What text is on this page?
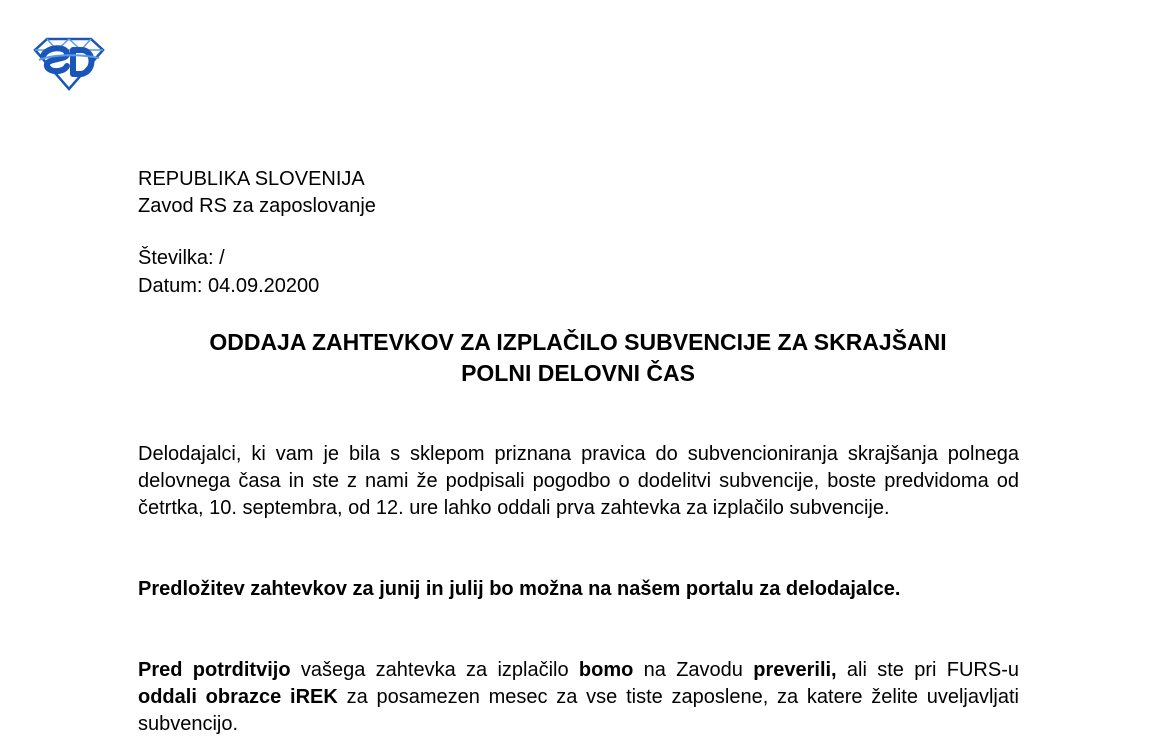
REPUBLIKA SLOVENIJA
Zavod RS za zaposlovanje
Številka: /
Datum: 04.09.20200
ODDAJA ZAHTEVKOV ZA IZPLAČILO SUBVENCIJE ZA SKRAJŠANI
POLNI DELOVNI ČAS

Delodajalci, ki vam je bila s sklepom priznana pravica do subvencioniranja skrajšanja polnega delovnega časa in ste z nami že podpisali pogodbo o dodelitvi subvencije, boste predvidoma od četrtka, 10. septembra, od 12. ure lahko oddali prva zahtevka za izplačilo subvencije.

Predložitev zahtevkov za junij in julij bo možna na našem portalu za delodajalce.

Pred potrditvijo vašega zahtevka za izplačilo bomo na Zavodu preverili, ali ste pri FURS-u oddali obrazce iREK za posamezen mesec za vse tiste zaposlene, za katere želite uveljavljati subvencijo.
